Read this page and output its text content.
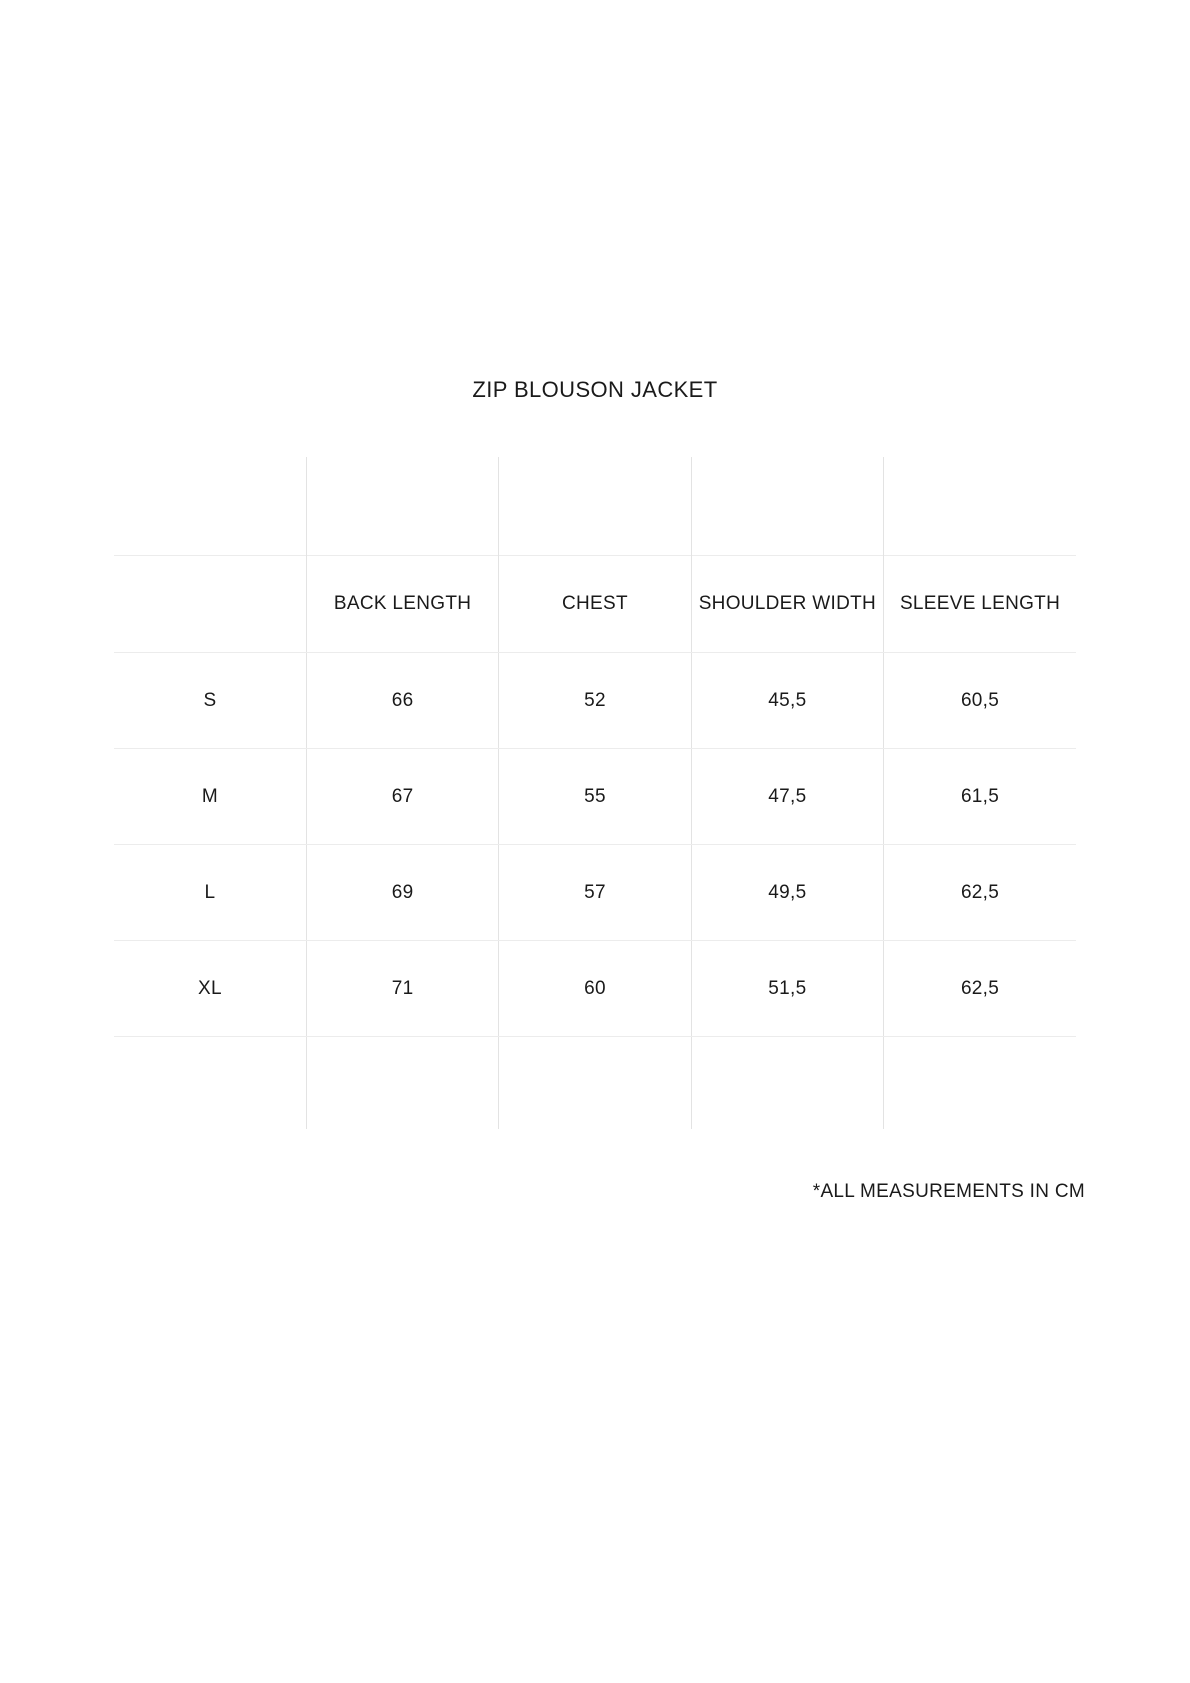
ZIP BLOUSON JACKET

	BACK LENGTH	CHEST	SHOULDER WIDTH	SLEEVE LENGTH
S	66	52	45,5	60,5
M	67	55	47,5	61,5
L	69	57	49,5	62,5
XL	71	60	51,5	62,5

*ALL MEASUREMENTS IN CM
